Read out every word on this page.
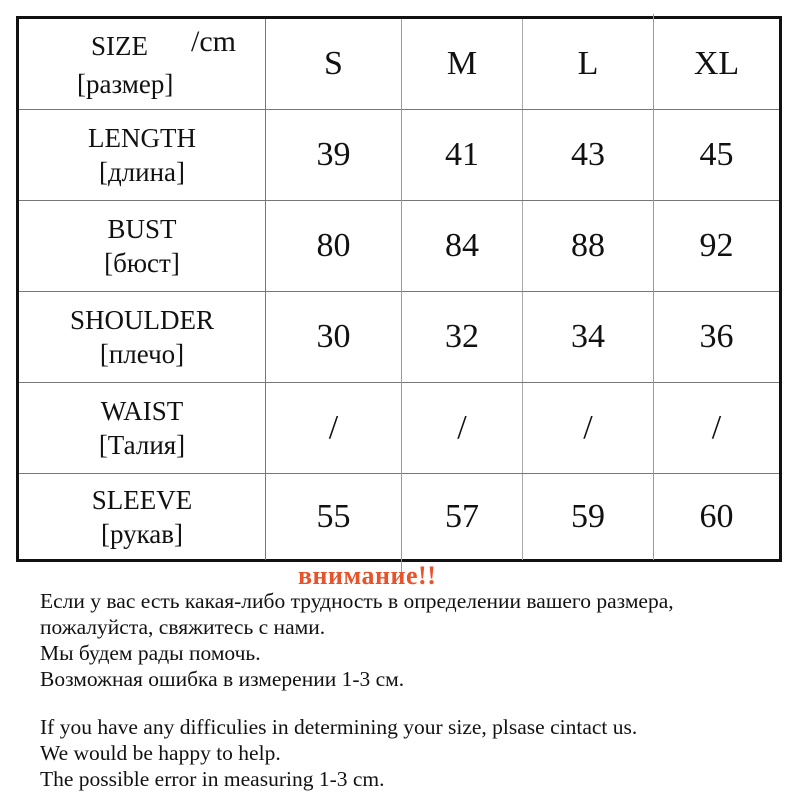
SIZE /cm
[размер]
S	M	L	XL
LENGTH
[длина]	39	41	43	45
BUST
[бюст]	80	84	88	92
SHOULDER
[плечо]	30	32	34	36
WAIST
[Талия]	/	/	/	/
SLEEVE
[рукав]	55	57	59	60
внимание!!
Если у вас есть какая-либо трудность в определении вашего размера,
пожалуйста, свяжитесь с нами.
Мы будем рады помочь.
Возможная ошибка в измерении 1-3 см.
If you have any difficulies in determining your size, plsase cintact us.
We would be happy to help.
The possible error in measuring 1-3 cm.
